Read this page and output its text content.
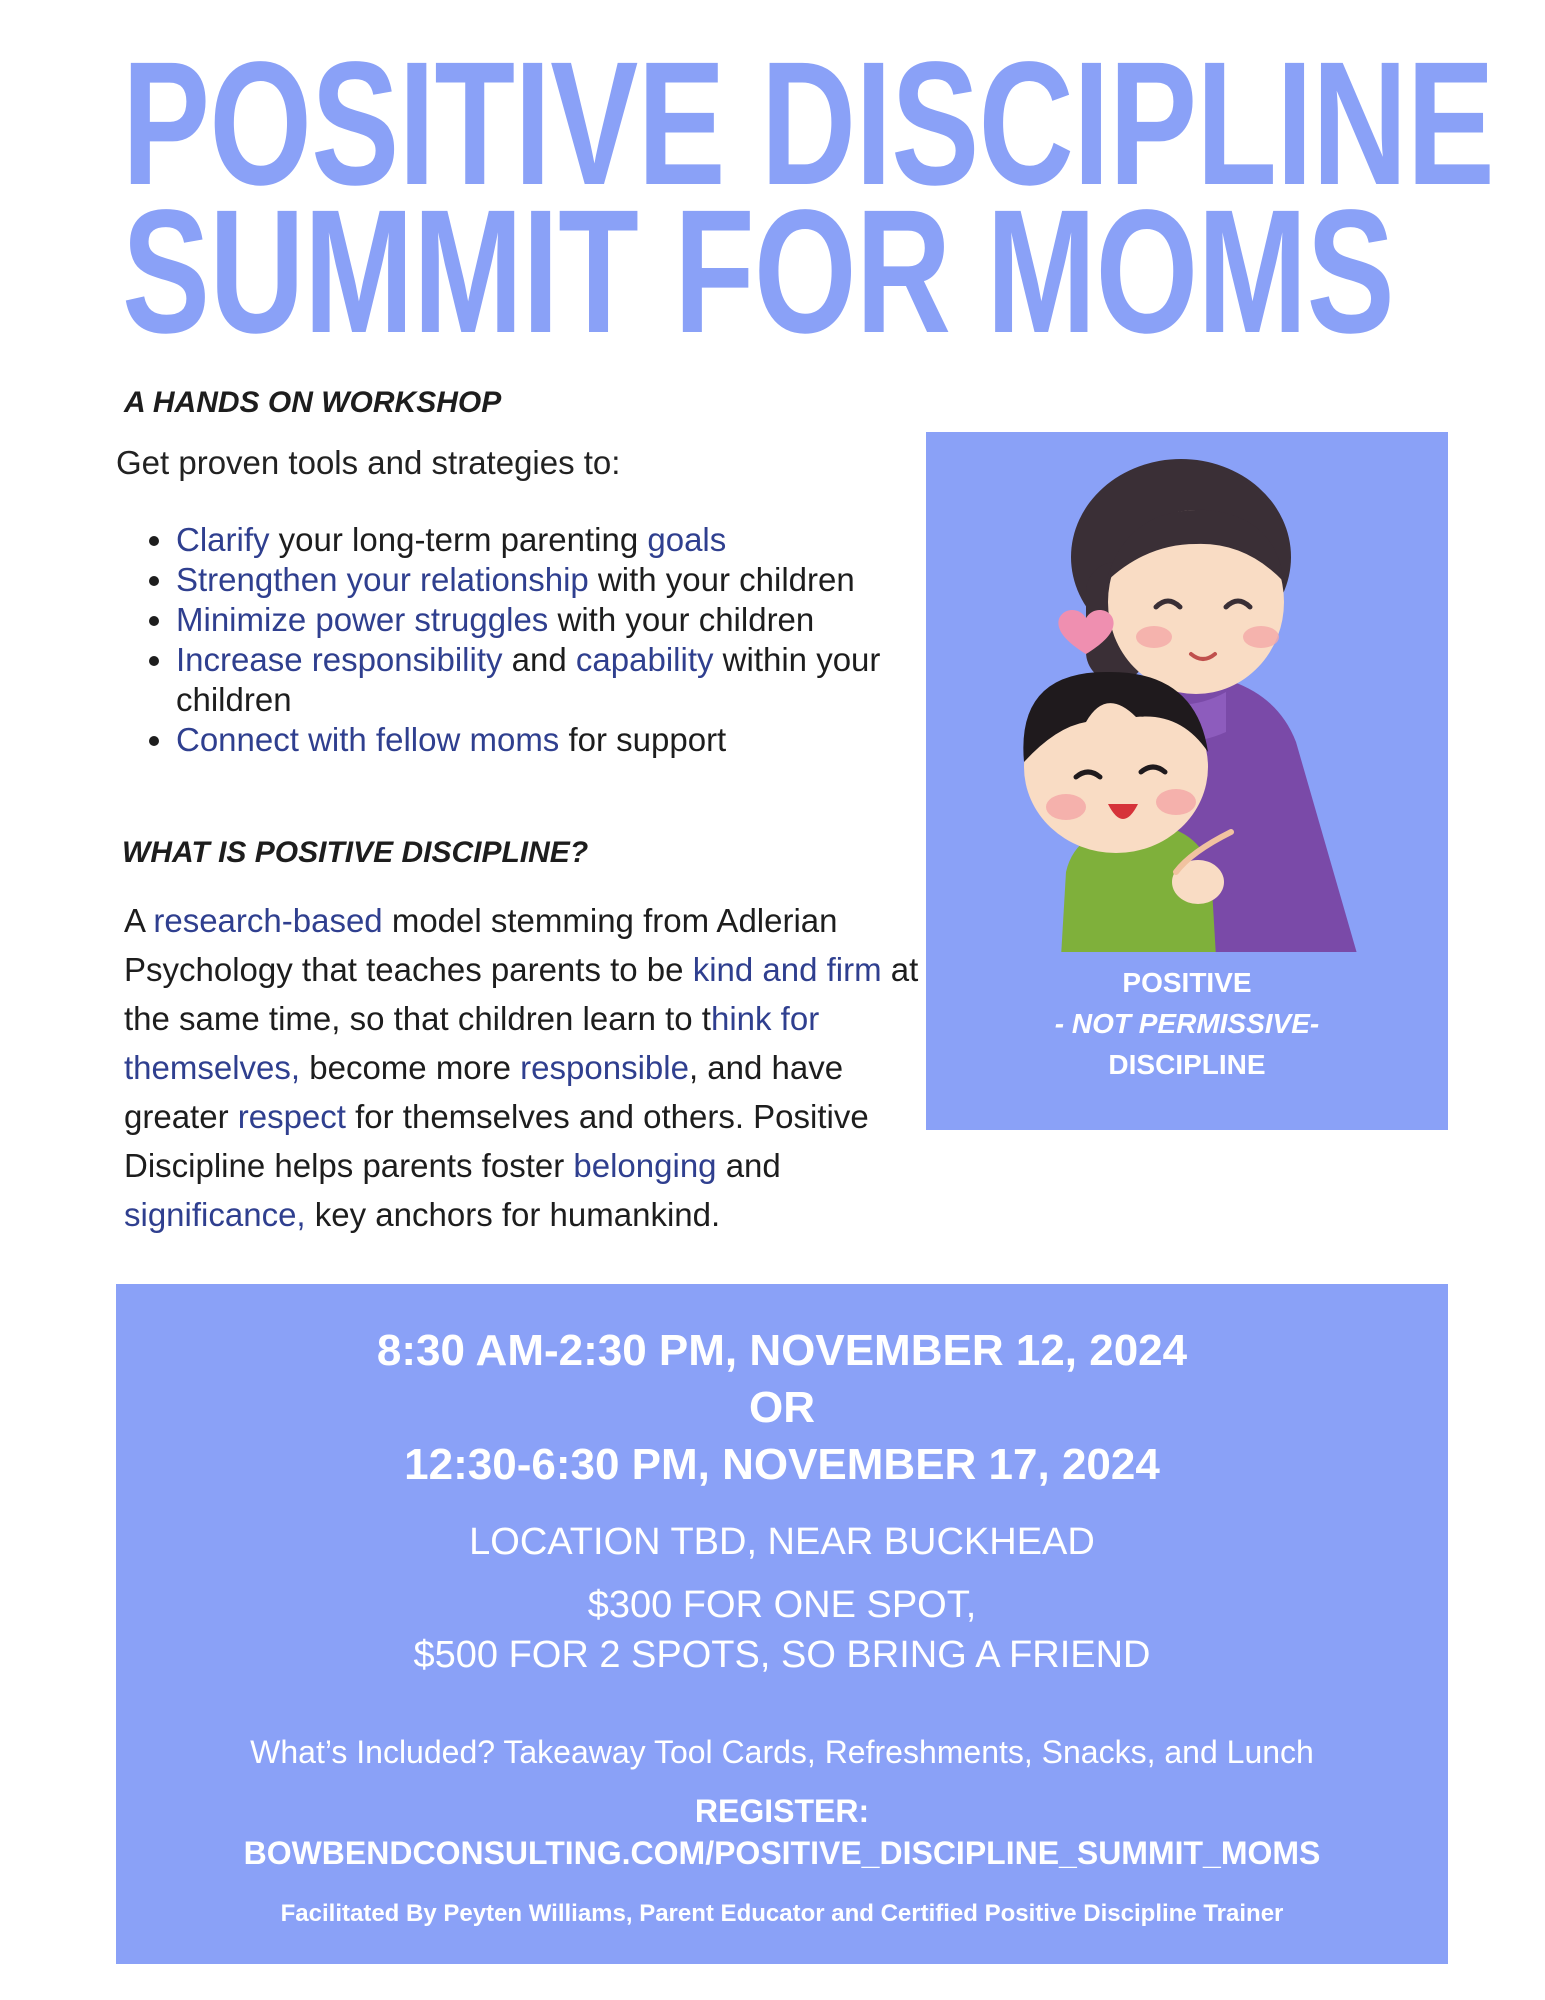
POSITIVE DISCIPLINE
SUMMIT FOR MOMS
A HANDS ON WORKSHOP
Get proven tools and strategies to:
• Clarify your long-term parenting goals
• Strengthen your relationship with your children
• Minimize power struggles with your children
• Increase responsibility and capability within your children
• Connect with fellow moms for support
WHAT IS POSITIVE DISCIPLINE?

A research-based model stemming from Adlerian Psychology that teaches parents to be kind and firm at the same time, so that children learn to think for themselves, become more responsible, and have greater respect for themselves and others. Positive Discipline helps parents foster belonging and significance, key anchors for humankind.

POSITIVE
- NOT PERMISSIVE-
DISCIPLINE
8:30 AM-2:30 PM, NOVEMBER 12, 2024
OR
12:30-6:30 PM, NOVEMBER 17, 2024
LOCATION TBD, NEAR BUCKHEAD
$300 FOR ONE SPOT,
$500 FOR 2 SPOTS, SO BRING A FRIEND
What’s Included? Takeaway Tool Cards, Refreshments, Snacks, and Lunch
REGISTER:
BOWBENDCONSULTING.COM/POSITIVE_DISCIPLINE_SUMMIT_MOMS
Facilitated By Peyten Williams, Parent Educator and Certified Positive Discipline Trainer
